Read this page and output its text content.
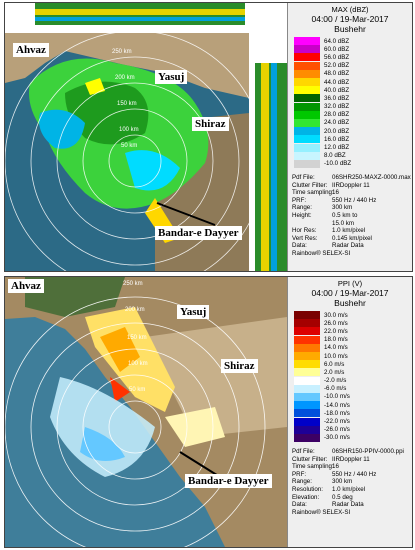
250 km
200 km
150 km
100 km
50 km
Ahvaz
Yasuj
Shiraz
Bandar-e Dayyer
MAX (dBZ)
04:00 / 19-Mar-2017
Bushehr
64.0 dBZ
60.0 dBZ
56.0 dBZ
52.0 dBZ
48.0 dBZ
44.0 dBZ
40.0 dBZ
36.0 dBZ
32.0 dBZ
28.0 dBZ
24.0 dBZ
20.0 dBZ
16.0 dBZ
12.0 dBZ
8.0 dBZ
-10.0 dBZ
Pdf File:	06SHR250-MAXZ-0000.max
Clutter Filter: IIRDoppler 11
Time sampling:
16
PRF:	550 Hz / 440 Hz
Range:	300 km
Height:	0.5 km to
15.0 km
Hor Res:	1.0 km/pixel
Vert Res:	0.145 km/pixel
Data:	Radar Data
Rainbow® SELEX-SI
250 km
200 km
150 km
100 km
50 km
Ahvaz
Yasuj
Shiraz
Bandar-e Dayyer
PPI (V)
04:00 / 19-Mar-2017
Bushehr
30.0 m/s
26.0 m/s
22.0 m/s
18.0 m/s
14.0 m/s
10.0 m/s
6.0 m/s
2.0 m/s
-2.0 m/s
-6.0 m/s
-10.0 m/s
-14.0 m/s
-18.0 m/s
-22.0 m/s
-26.0 m/s
-30.0 m/s
Pdf File:	06SHR150-PPIV-0000.ppi
Clutter Filter: IIRDoppler 11
Time sampling:
16
PRF:	550 Hz / 440 Hz
Range:	300 km
Resolution:	1.0 km/pixel
Elevation:	0.5 deg
Data:	Radar Data
Rainbow® SELEX-SI
